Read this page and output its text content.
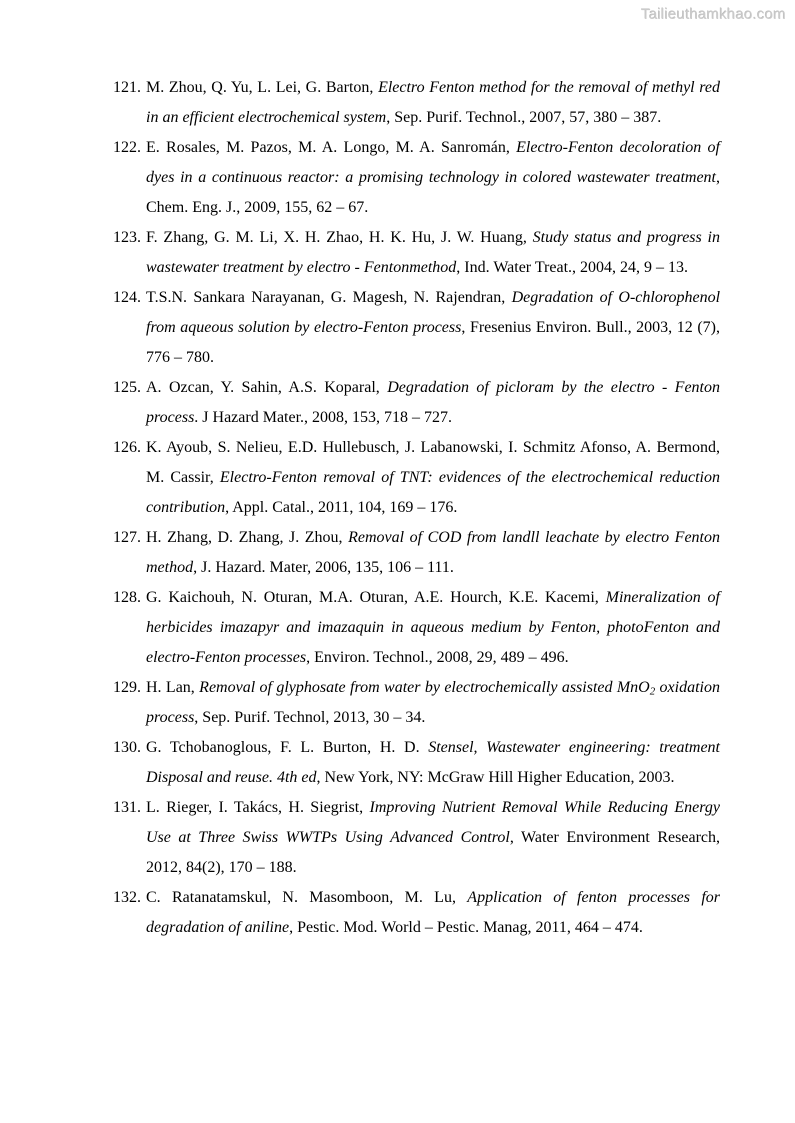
Tailieuthamkhao.com

121. M. Zhou, Q. Yu, L. Lei, G. Barton, Electro Fenton method for the removal of methyl red in an efficient electrochemical system, Sep. Purif. Technol., 2007, 57, 380 – 387.

122. E. Rosales, M. Pazos, M. A. Longo, M. A. Sanromán, Electro-Fenton decoloration of dyes in a continuous reactor: a promising technology in colored wastewater treatment, Chem. Eng. J., 2009, 155, 62 – 67.

123. F. Zhang, G. M. Li, X. H. Zhao, H. K. Hu, J. W. Huang, Study status and progress in wastewater treatment by electro - Fentonmethod, Ind. Water Treat., 2004, 24, 9 – 13.

124. T.S.N. Sankara Narayanan, G. Magesh, N. Rajendran, Degradation of O-chlorophenol from aqueous solution by electro-Fenton process, Fresenius Environ. Bull., 2003, 12 (7), 776 – 780.

125. A. Ozcan, Y. Sahin, A.S. Koparal, Degradation of picloram by the electro - Fenton process. J Hazard Mater., 2008, 153, 718 – 727.

126. K. Ayoub, S. Nelieu, E.D. Hullebusch, J. Labanowski, I. Schmitz Afonso, A. Bermond, M. Cassir, Electro-Fenton removal of TNT: evidences of the electrochemical reduction contribution, Appl. Catal., 2011, 104, 169 – 176.

127. H. Zhang, D. Zhang, J. Zhou, Removal of COD from landll leachate by electro Fenton method, J. Hazard. Mater, 2006, 135, 106 – 111.

128. G. Kaichouh, N. Oturan, M.A. Oturan, A.E. Hourch, K.E. Kacemi, Mineralization of herbicides imazapyr and imazaquin in aqueous medium by Fenton, photoFenton and electro-Fenton processes, Environ. Technol., 2008, 29, 489 – 496.

129. H. Lan, Removal of glyphosate from water by electrochemically assisted MnO$_2$ oxidation process, Sep. Purif. Technol, 2013, 30 – 34.

130. G. Tchobanoglous, F. L. Burton, H. D. Stensel, Wastewater engineering: treatment Disposal and reuse. 4th ed, New York, NY: McGraw Hill Higher Education, 2003.

131. L. Rieger, I. Takács, H. Siegrist, Improving Nutrient Removal While Reducing Energy Use at Three Swiss WWTPs Using Advanced Control, Water Environment Research, 2012, 84(2), 170 – 188.

132. C. Ratanatamskul, N. Masomboon, M. Lu, Application of fenton processes for degradation of aniline, Pestic. Mod. World – Pestic. Manag, 2011, 464 – 474.
